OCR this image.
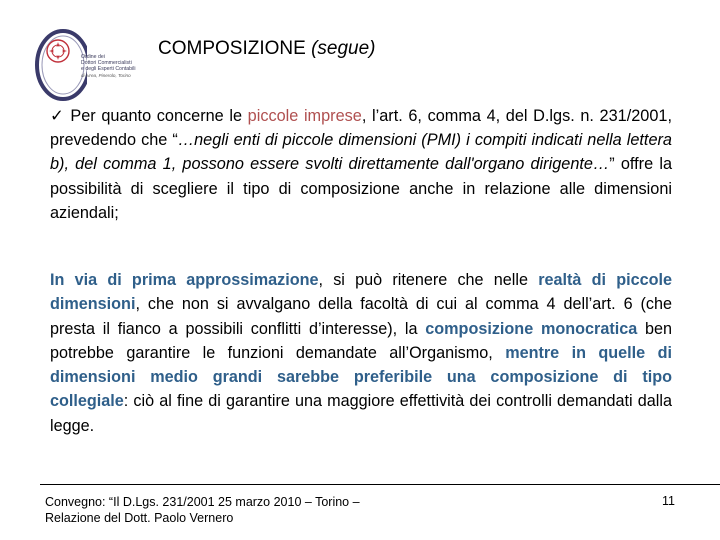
Ordine dei
Dottori Commercialisti
e degli Esperti Contabili
di Ivrea, Pinerolo, Torino
COMPOSIZIONE (segue)
✓ Per quanto concerne le piccole imprese, l’art. 6, comma 4, del D.lgs. n. 231/2001, prevedendo che “…negli enti di piccole dimensioni (PMI) i compiti indicati nella lettera b), del comma 1, possono essere svolti direttamente dall'organo dirigente…” offre la possibilità di scegliere il tipo di composizione anche in relazione alle dimensioni aziendali;
In via di prima approssimazione, si può ritenere che nelle realtà di piccole dimensioni, che non si avvalgano della facoltà di cui al comma 4 dell’art. 6 (che presta il fianco a possibili conflitti d’interesse), la composizione monocratica ben potrebbe garantire le funzioni demandate all’Organismo, mentre in quelle di dimensioni medio grandi sarebbe preferibile una composizione di tipo collegiale: ciò al fine di garantire una maggiore effettività dei controlli demandati dalla legge.
Convegno: “Il D.Lgs. 231/2001 25 marzo 2010 – Torino –
Relazione del Dott. Paolo Vernero
11
